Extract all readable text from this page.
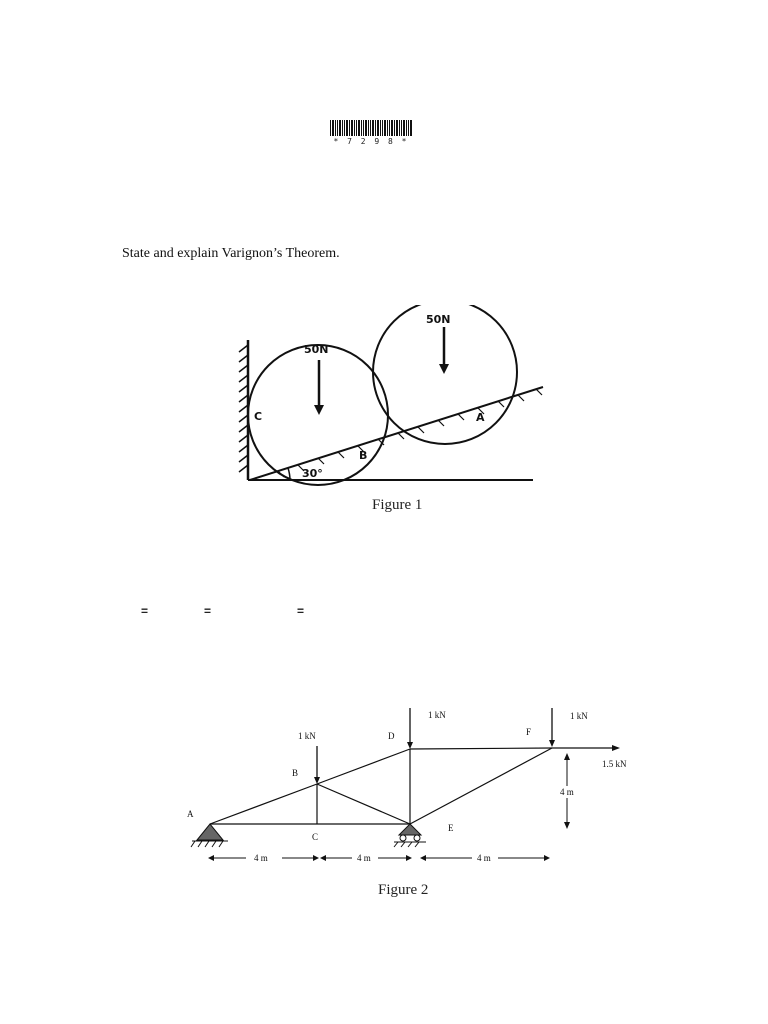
* 7 2 9 8 *
State and explain Varignon’s Theorem.
30°
50N
50N
C
B
A
Figure 1
=	=	=
1 kN
1 kN	1 kN
1.5 kN
A
B
C
D
E
F
4 m
4 m	4 m	4 m
Figure 2
